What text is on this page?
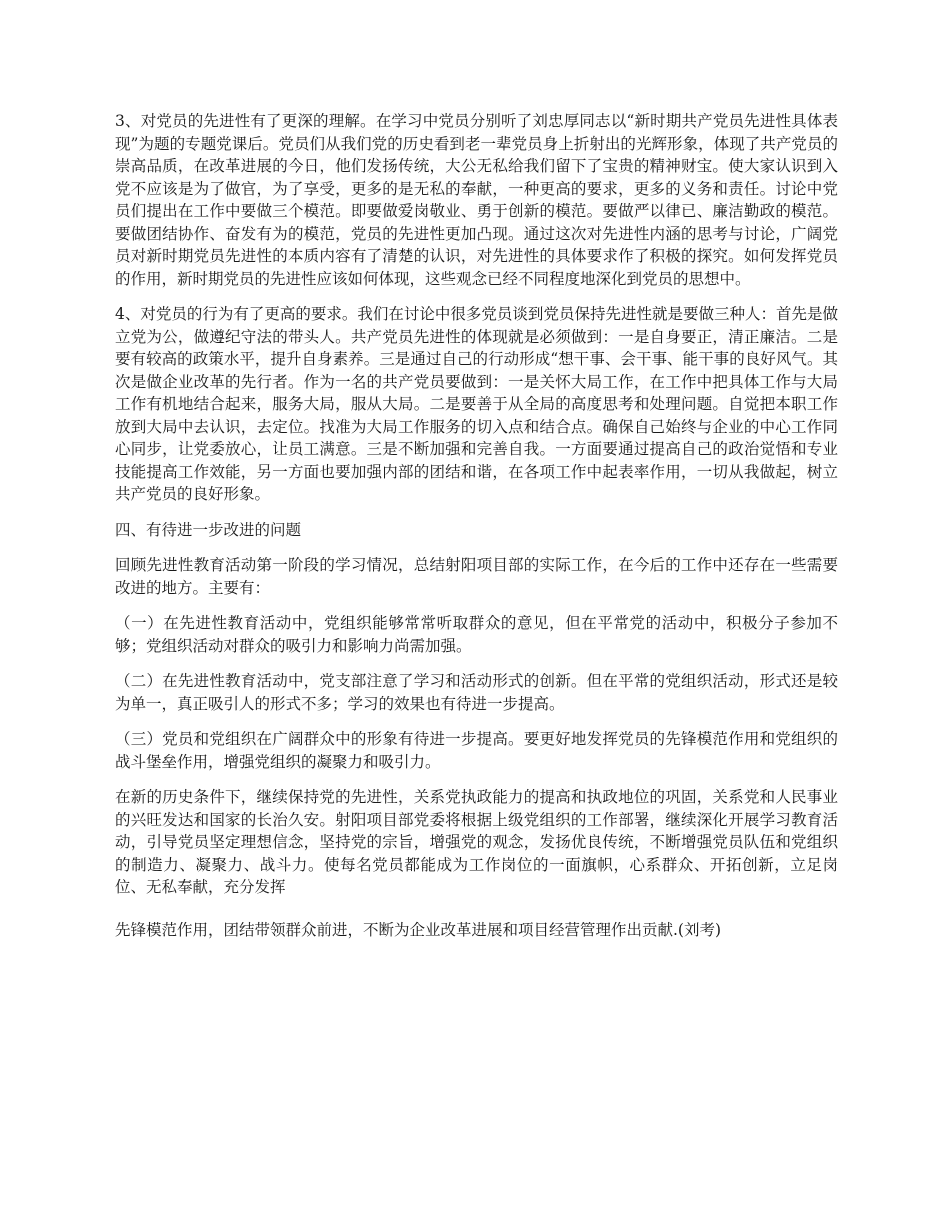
3、对党员的先进性有了更深的理解。在学习中党员分别听了刘忠厚同志以“新时期共产党员先进性具体表现”为题的专题党课后。党员们从我们党的历史看到老一辈党员身上折射出的光辉形象，体现了共产党员的崇高品质，在改革进展的今日，他们发扬传统，大公无私给我们留下了宝贵的精神财宝。使大家认识到入党不应该是为了做官，为了享受，更多的是无私的奉献，一种更高的要求，更多的义务和责任。讨论中党员们提出在工作中要做三个模范。即要做爱岗敬业、勇于创新的模范。要做严以律已、廉洁勤政的模范。要做团结协作、奋发有为的模范，党员的先进性更加凸现。通过这次对先进性内涵的思考与讨论，广阔党员对新时期党员先进性的本质内容有了清楚的认识，对先进性的具体要求作了积极的探究。如何发挥党员的作用，新时期党员的先进性应该如何体现，这些观念已经不同程度地深化到党员的思想中。

4、对党员的行为有了更高的要求。我们在讨论中很多党员谈到党员保持先进性就是要做三种人：首先是做立党为公，做遵纪守法的带头人。共产党员先进性的体现就是必须做到：一是自身要正，清正廉洁。二是要有较高的政策水平，提升自身素养。三是通过自己的行动形成“想干事、会干事、能干事的良好风气。其次是做企业改革的先行者。作为一名的共产党员要做到：一是关怀大局工作，在工作中把具体工作与大局工作有机地结合起来，服务大局，服从大局。二是要善于从全局的高度思考和处理问题。自觉把本职工作放到大局中去认识，去定位。找准为大局工作服务的切入点和结合点。确保自己始终与企业的中心工作同心同步，让党委放心，让员工满意。三是不断加强和完善自我。一方面要通过提高自己的政治觉悟和专业技能提高工作效能，另一方面也要加强内部的团结和谐，在各项工作中起表率作用，一切从我做起，树立共产党员的良好形象。

四、有待进一步改进的问题

回顾先进性教育活动第一阶段的学习情况，总结射阳项目部的实际工作，在今后的工作中还存在一些需要改进的地方。主要有：

（一）在先进性教育活动中，党组织能够常常听取群众的意见，但在平常党的活动中，积极分子参加不够；党组织活动对群众的吸引力和影响力尚需加强。

（二）在先进性教育活动中，党支部注意了学习和活动形式的创新。但在平常的党组织活动，形式还是较为单一，真正吸引人的形式不多；学习的效果也有待进一步提高。

（三）党员和党组织在广阔群众中的形象有待进一步提高。要更好地发挥党员的先锋模范作用和党组织的战斗堡垒作用，增强党组织的凝聚力和吸引力。

在新的历史条件下，继续保持党的先进性，关系党执政能力的提高和执政地位的巩固，关系党和人民事业的兴旺发达和国家的长治久安。射阳项目部党委将根据上级党组织的工作部署，继续深化开展学习教育活动，引导党员坚定理想信念，坚持党的宗旨，增强党的观念，发扬优良传统，不断增强党员队伍和党组织的制造力、凝聚力、战斗力。使每名党员都能成为工作岗位的一面旗帜，心系群众、开拓创新，立足岗位、无私奉献，充分发挥

先锋模范作用，团结带领群众前进，不断为企业改革进展和项目经营管理作出贡献.(刘考)
